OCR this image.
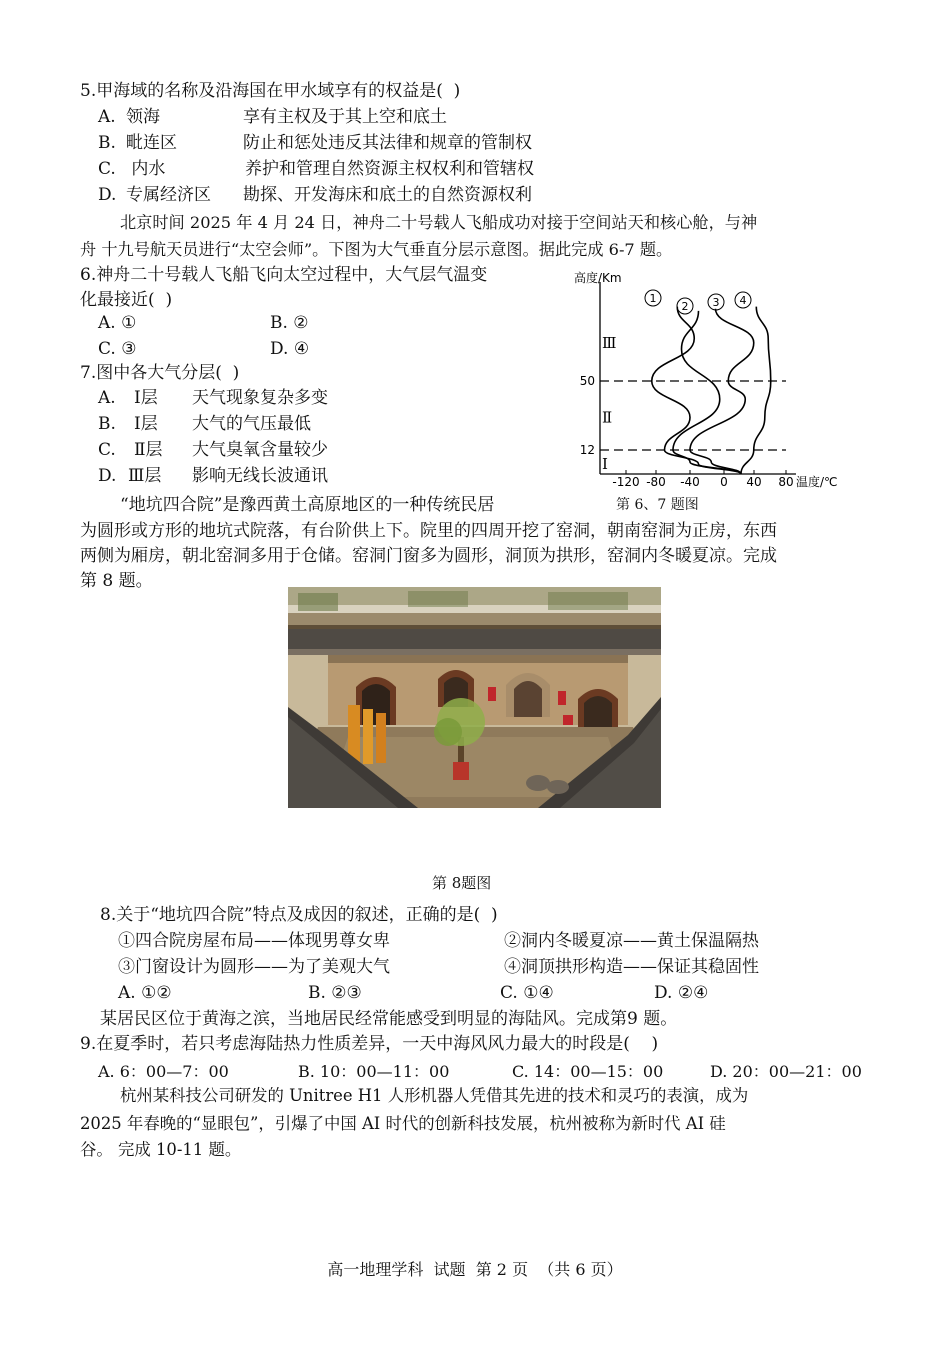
5.甲海域的名称及沿海国在甲水域享有的权益是(  )
A. 领海	享有主权及于其上空和底土
B. 毗连区	防止和惩处违反其法律和规章的管制权
C. 内水	养护和管理自然资源主权权利和管辖权
D. 专属经济区 勘探、开发海床和底土的自然资源权利
北京时间 2025 年 4 月 24 日，神舟二十号载人飞船成功对接于空间站天和核心舱，与神
舟 十九号航天员进行“太空会师”。下图为大气垂直分层示意图。据此完成 6-7 题。
6.神舟二十号载人飞船飞向太空过程中，大气层气温变
化最接近(  )
A. ①	B. ②
C. ③	D. ④
7.图中各大气分层(  )
A. Ⅰ层 天气现象复杂多变
B. Ⅰ层 大气的气压最低
C. Ⅱ层 大气臭氧含量较少
D. Ⅲ层 影响无线长波通讯
高度/Km
温度/℃
-120 -80 -40 0 40 80
12
50
Ⅰ
Ⅱ
Ⅲ
1
2 3 4
第 6、7 题图
“地坑四合院”是豫西黄土高原地区的一种传统民居
为圆形或方形的地坑式院落，有台阶供上下。院里的四周开挖了窑洞，朝南窑洞为正房，东西
两侧为厢房，朝北窑洞多用于仓储。窑洞门窗多为圆形，洞顶为拱形，窑洞内冬暖夏凉。完成
第 8 题。
第 8题图
8.关于“地坑四合院”特点及成因的叙述，正确的是(  )
①四合院房屋布局——体现男尊女卑	②洞内冬暖夏凉——黄土保温隔热
③门窗设计为圆形——为了美观大气	④洞顶拱形构造——保证其稳固性
A. ①②	B. ②③	C. ①④	D. ②④
某居民区位于黄海之滨，当地居民经常能感受到明显的海陆风。完成第9 题。
9.在夏季时，若只考虑海陆热力性质差异，一天中海风风力最大的时段是(    )
A. 6：00—7：00	B. 10：00—11：00	C. 14：00—15：00	D. 20：00—21：00
杭州某科技公司研发的 Unitree H1 人形机器人凭借其先进的技术和灵巧的表演，成为
2025 年春晚的“显眼包”，引爆了中国 AI 时代的创新科技发展，杭州被称为新时代 AI 硅
谷。 完成 10-11 题。
高一地理学科  试题  第 2 页  （共 6 页）
